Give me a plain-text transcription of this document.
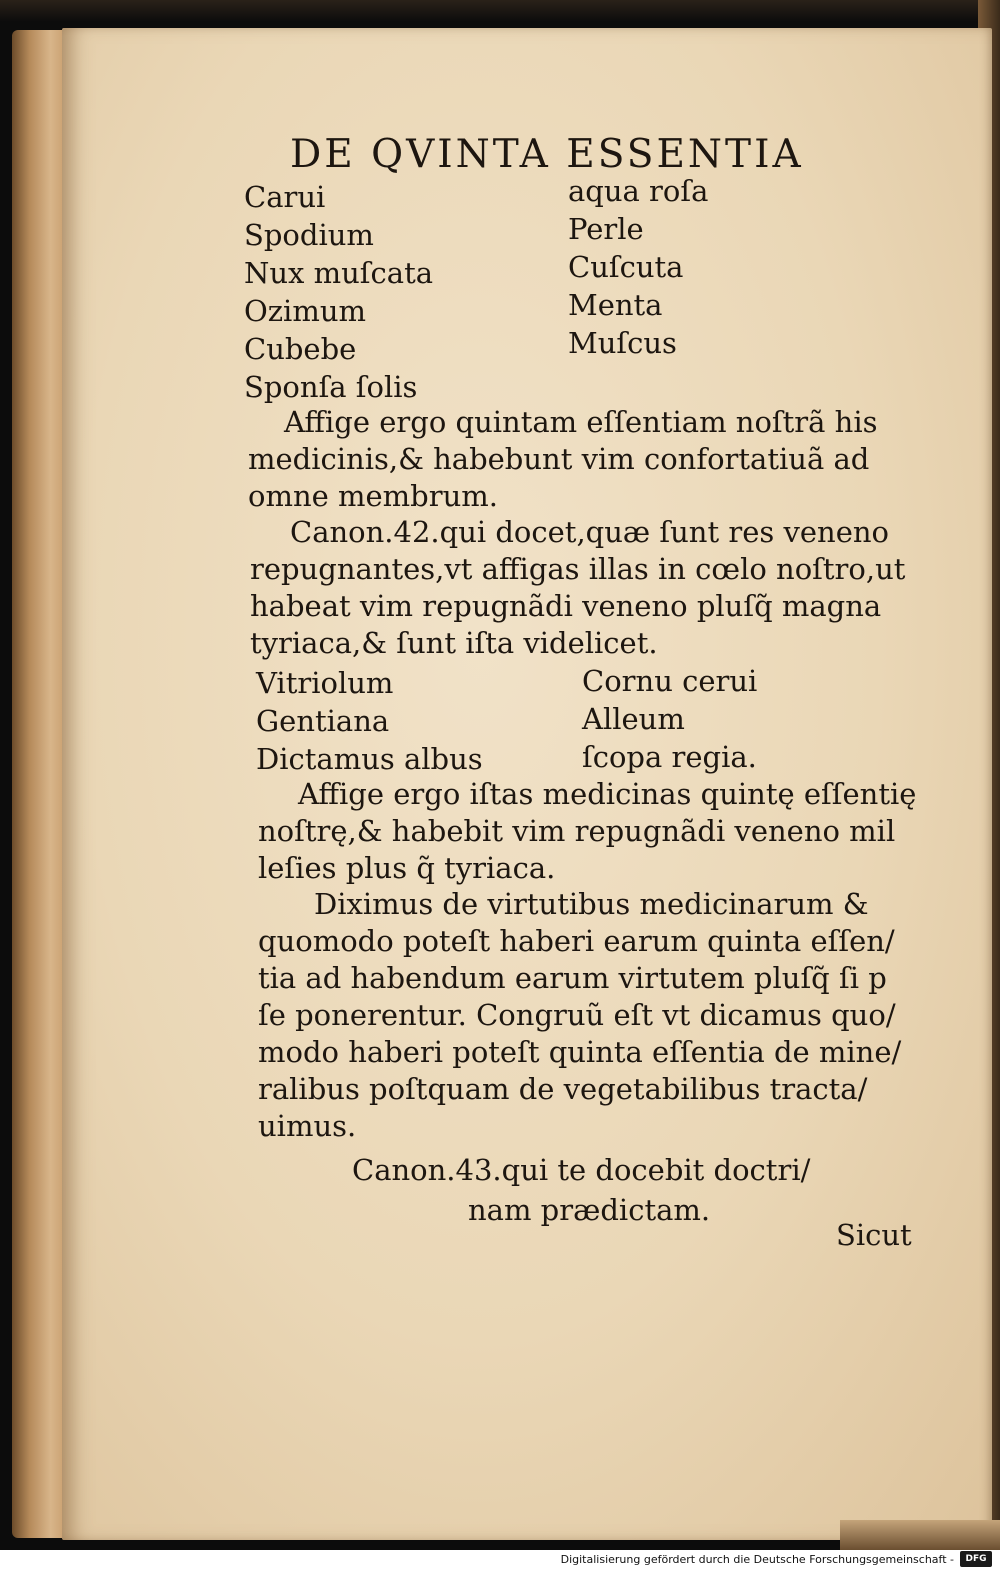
DE QVINTA ESSENTIA
Carui
Spodium
Nux muſcata
Ozimum
Cubebe
Sponſa ſolis
aqua roſa
Perle
Cuſcuta
Menta
Muſcus
Affige ergo quintam eſſentiam noſtrã his
medicinis,& habebunt vim confortatiuã ad
omne membrum.
Canon.42.qui docet,quæ ſunt res veneno
repugnantes,vt affigas illas in cœlo noſtro,ut
habeat vim repugnãdi veneno pluſq̃ magna
tyriaca,& ſunt iſta videlicet.
Vitriolum
Gentiana
Dictamus albus
Cornu cerui
Alleum
ſcopa regia.
Affige ergo iſtas medicinas quintę eſſentię
noſtrę,& habebit vim repugnãdi veneno mil
leſies plus q̃ tyriaca.
Diximus de virtutibus medicinarum &
quomodo poteſt haberi earum quinta eſſen/
tia ad habendum earum virtutem pluſq̃ ſi p
ſe ponerentur. Congruũ eſt vt dicamus quo/
modo haberi poteſt quinta eſſentia de mine/
ralibus poſtquam de vegetabilibus tracta/
uimus.
Canon.43.qui te docebit doctri/
nam prædictam.
Sicut
Digitalisierung gefördert durch die Deutsche Forschungsgemeinschaft -	DFG
